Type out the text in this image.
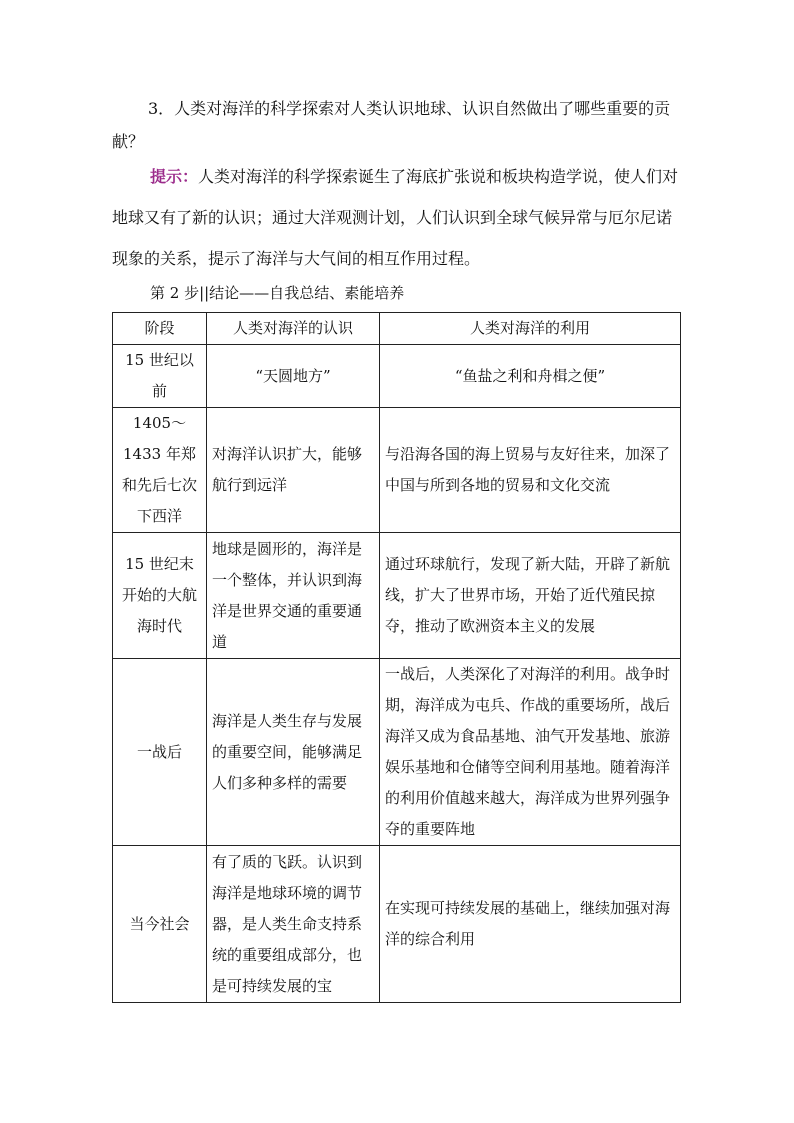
3．人类对海洋的科学探索对人类认识地球、认识自然做出了哪些重要的贡献？
提示：人类对海洋的科学探索诞生了海底扩张说和板块构造学说，使人们对地球又有了新的认识；通过大洋观测计划，人们认识到全球气候异常与厄尔尼诺现象的关系，提示了海洋与大气间的相互作用过程。
第 2 步||结论——自我总结、素能培养
阶段	人类对海洋的认识	人类对海洋的利用
15 世纪以前	“天圆地方”	“鱼盐之利和舟楫之便”
1405～1433 年郑和先后七次下西洋	对海洋认识扩大，能够航行到远洋	与沿海各国的海上贸易与友好往来，加深了中国与所到各地的贸易和文化交流
15 世纪末开始的大航海时代	地球是圆形的，海洋是一个整体，并认识到海洋是世界交通的重要通道	通过环球航行，发现了新大陆，开辟了新航线，扩大了世界市场，开始了近代殖民掠夺，推动了欧洲资本主义的发展
一战后	海洋是人类生存与发展的重要空间，能够满足人们多种多样的需要	一战后，人类深化了对海洋的利用。战争时期，海洋成为屯兵、作战的重要场所，战后海洋又成为食品基地、油气开发基地、旅游娱乐基地和仓储等空间利用基地。随着海洋的利用价值越来越大，海洋成为世界列强争夺的重要阵地
当今社会	有了质的飞跃。认识到海洋是地球环境的调节器，是人类生命支持系统的重要组成部分，也是可持续发展的宝	在实现可持续发展的基础上，继续加强对海洋的综合利用
